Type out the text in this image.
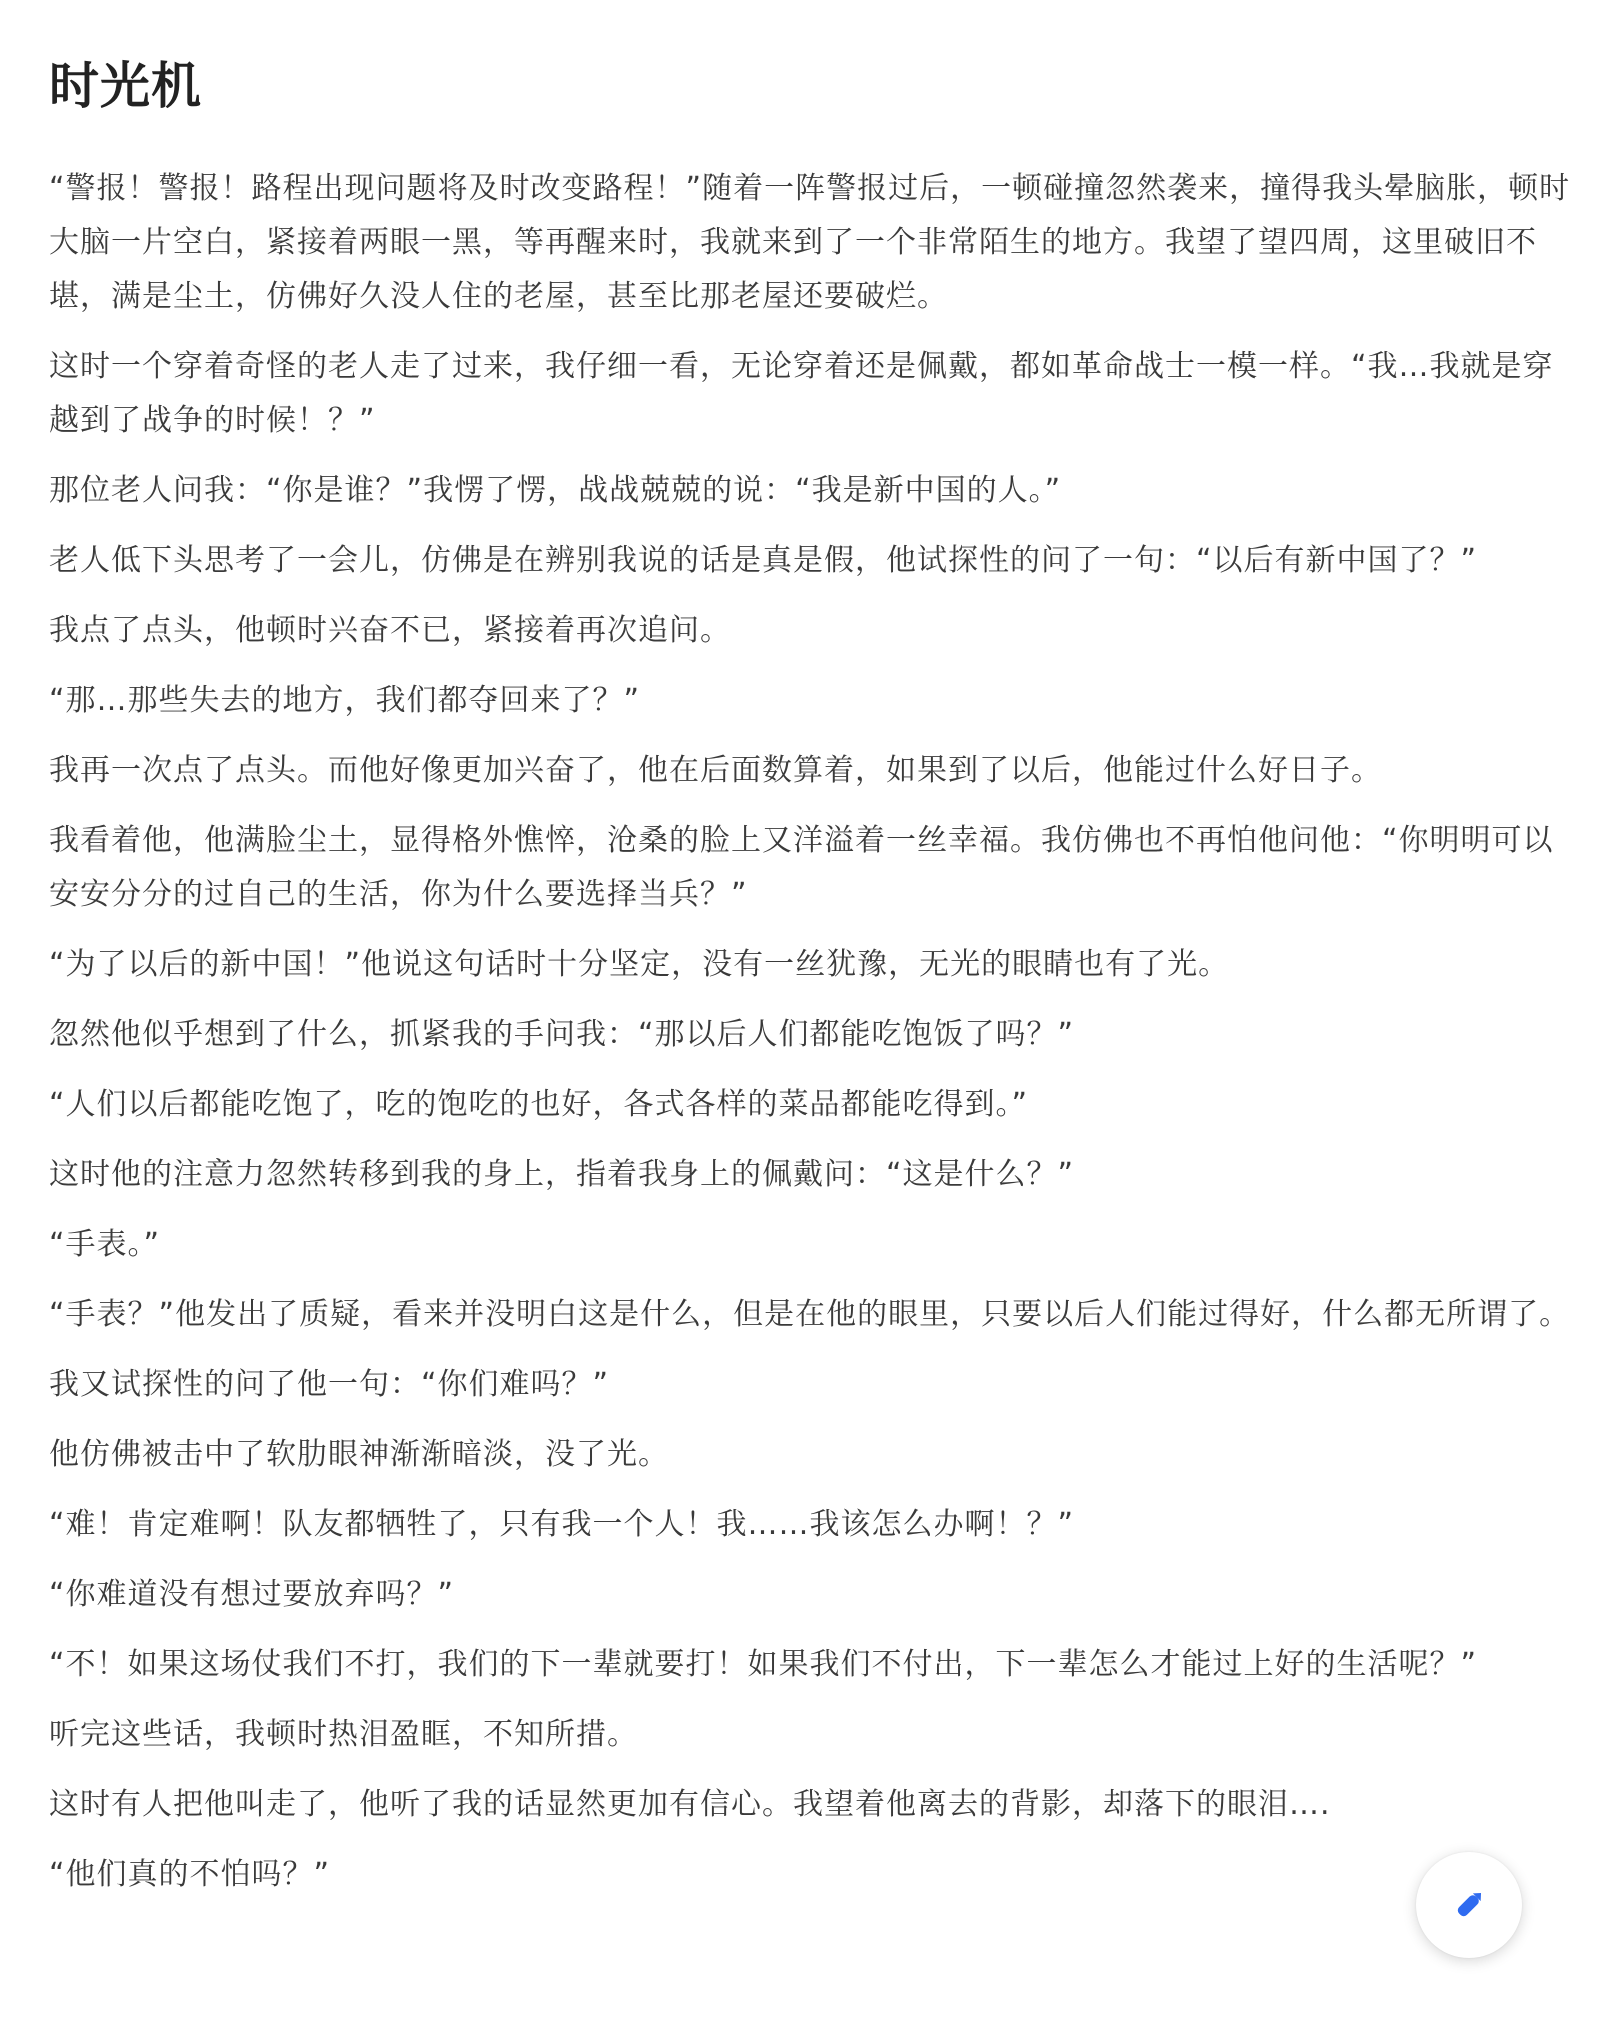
时光机

“警报！警报！路程出现问题将及时改变路程！”随着一阵警报过后，一顿碰撞忽然袭来，撞得我头晕脑胀，顿时大脑一片空白，紧接着两眼一黑，等再醒来时，我就来到了一个非常陌生的地方。我望了望四周，这里破旧不堪，满是尘土，仿佛好久没人住的老屋，甚至比那老屋还要破烂。

这时一个穿着奇怪的老人走了过来，我仔细一看，无论穿着还是佩戴，都如革命战士一模一样。“我…我就是穿越到了战争的时候！？”

那位老人问我：“你是谁？”我愣了愣，战战兢兢的说：“我是新中国的人。”

老人低下头思考了一会儿，仿佛是在辨别我说的话是真是假，他试探性的问了一句：“以后有新中国了？”

我点了点头，他顿时兴奋不已，紧接着再次追问。

“那…那些失去的地方，我们都夺回来了？”

我再一次点了点头。而他好像更加兴奋了，他在后面数算着，如果到了以后，他能过什么好日子。

我看着他，他满脸尘土，显得格外憔悴，沧桑的脸上又洋溢着一丝幸福。我仿佛也不再怕他问他：“你明明可以安安分分的过自己的生活，你为什么要选择当兵？”

“为了以后的新中国！”他说这句话时十分坚定，没有一丝犹豫，无光的眼睛也有了光。

忽然他似乎想到了什么，抓紧我的手问我：“那以后人们都能吃饱饭了吗？”

“人们以后都能吃饱了，吃的饱吃的也好，各式各样的菜品都能吃得到。”

这时他的注意力忽然转移到我的身上，指着我身上的佩戴问：“这是什么？”

“手表。”

“手表？”他发出了质疑，看来并没明白这是什么，但是在他的眼里，只要以后人们能过得好，什么都无所谓了。

我又试探性的问了他一句：“你们难吗？”

他仿佛被击中了软肋眼神渐渐暗淡，没了光。

“难！肯定难啊！队友都牺牲了，只有我一个人！我……我该怎么办啊！？”

“你难道没有想过要放弃吗？”

“不！如果这场仗我们不打，我们的下一辈就要打！如果我们不付出，下一辈怎么才能过上好的生活呢？”

听完这些话，我顿时热泪盈眶，不知所措。

这时有人把他叫走了，他听了我的话显然更加有信心。我望着他离去的背影，却落下的眼泪….

“他们真的不怕吗？”
